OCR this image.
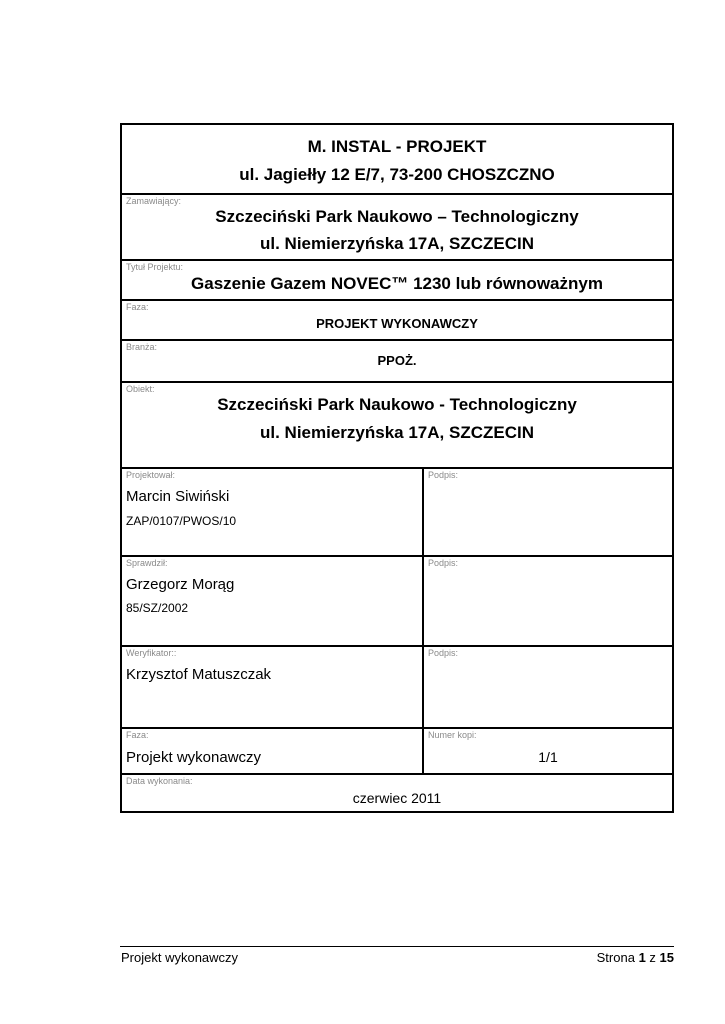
M. INSTAL - PROJEKT
ul. Jagiełły 12 E/7, 73-200 CHOSZCZNO
Zamawiający:
Szczeciński Park Naukowo – Technologiczny
ul. Niemierzyńska 17A, SZCZECIN
Tytuł Projektu:
Gaszenie Gazem NOVEC™ 1230 lub równoważnym
Faza:
PROJEKT WYKONAWCZY
Branża:
PPOŻ.
Obiekt:
Szczeciński Park Naukowo - Technologiczny
ul. Niemierzyńska 17A, SZCZECIN
Projektował:
Marcin Siwiński
ZAP/0107/PWOS/10
Podpis:
Sprawdził:
Grzegorz Morąg
85/SZ/2002
Podpis:
Weryfikator::
Krzysztof Matuszczak
Podpis:
Faza:
Projekt wykonawczy
Numer kopi:
1/1
Data wykonania:
czerwiec 2011
Projekt wykonawczy	Strona 1 z 15
